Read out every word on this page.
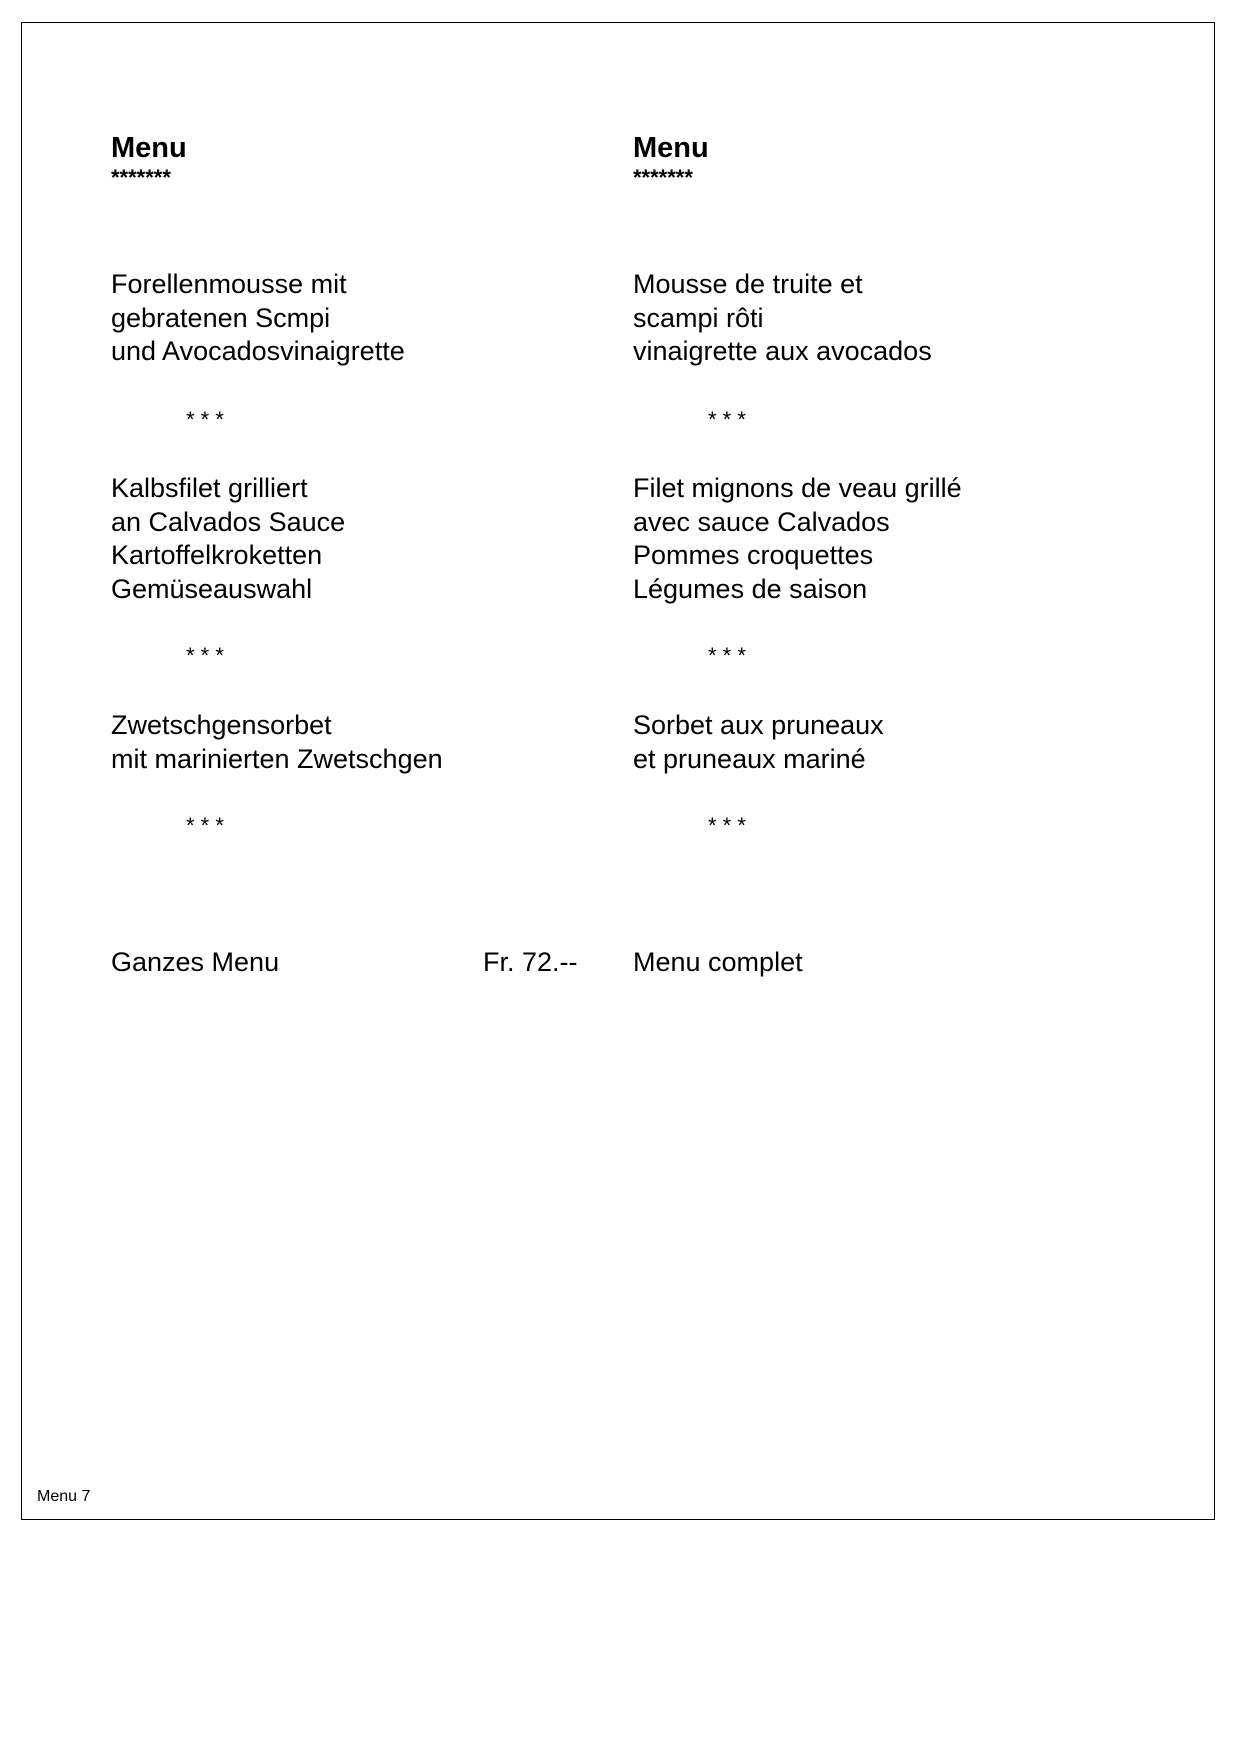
Menu
*******
Forellenmousse mit
gebratenen Scmpi
und Avocadosvinaigrette
* * *
Kalbsfilet grilliert
an Calvados Sauce
Kartoffelkroketten
Gemüseauswahl
* * *
Zwetschgensorbet
mit marinierten Zwetschgen
* * *
Ganzes Menu	Fr. 72.--
Menu
*******
Mousse de truite et
scampi rôti
vinaigrette aux avocados
* * *
Filet mignons de veau grillé
avec sauce Calvados
Pommes croquettes
Légumes de saison
* * *
Sorbet aux pruneaux
et pruneaux mariné
* * *
Menu complet
Menu 7
